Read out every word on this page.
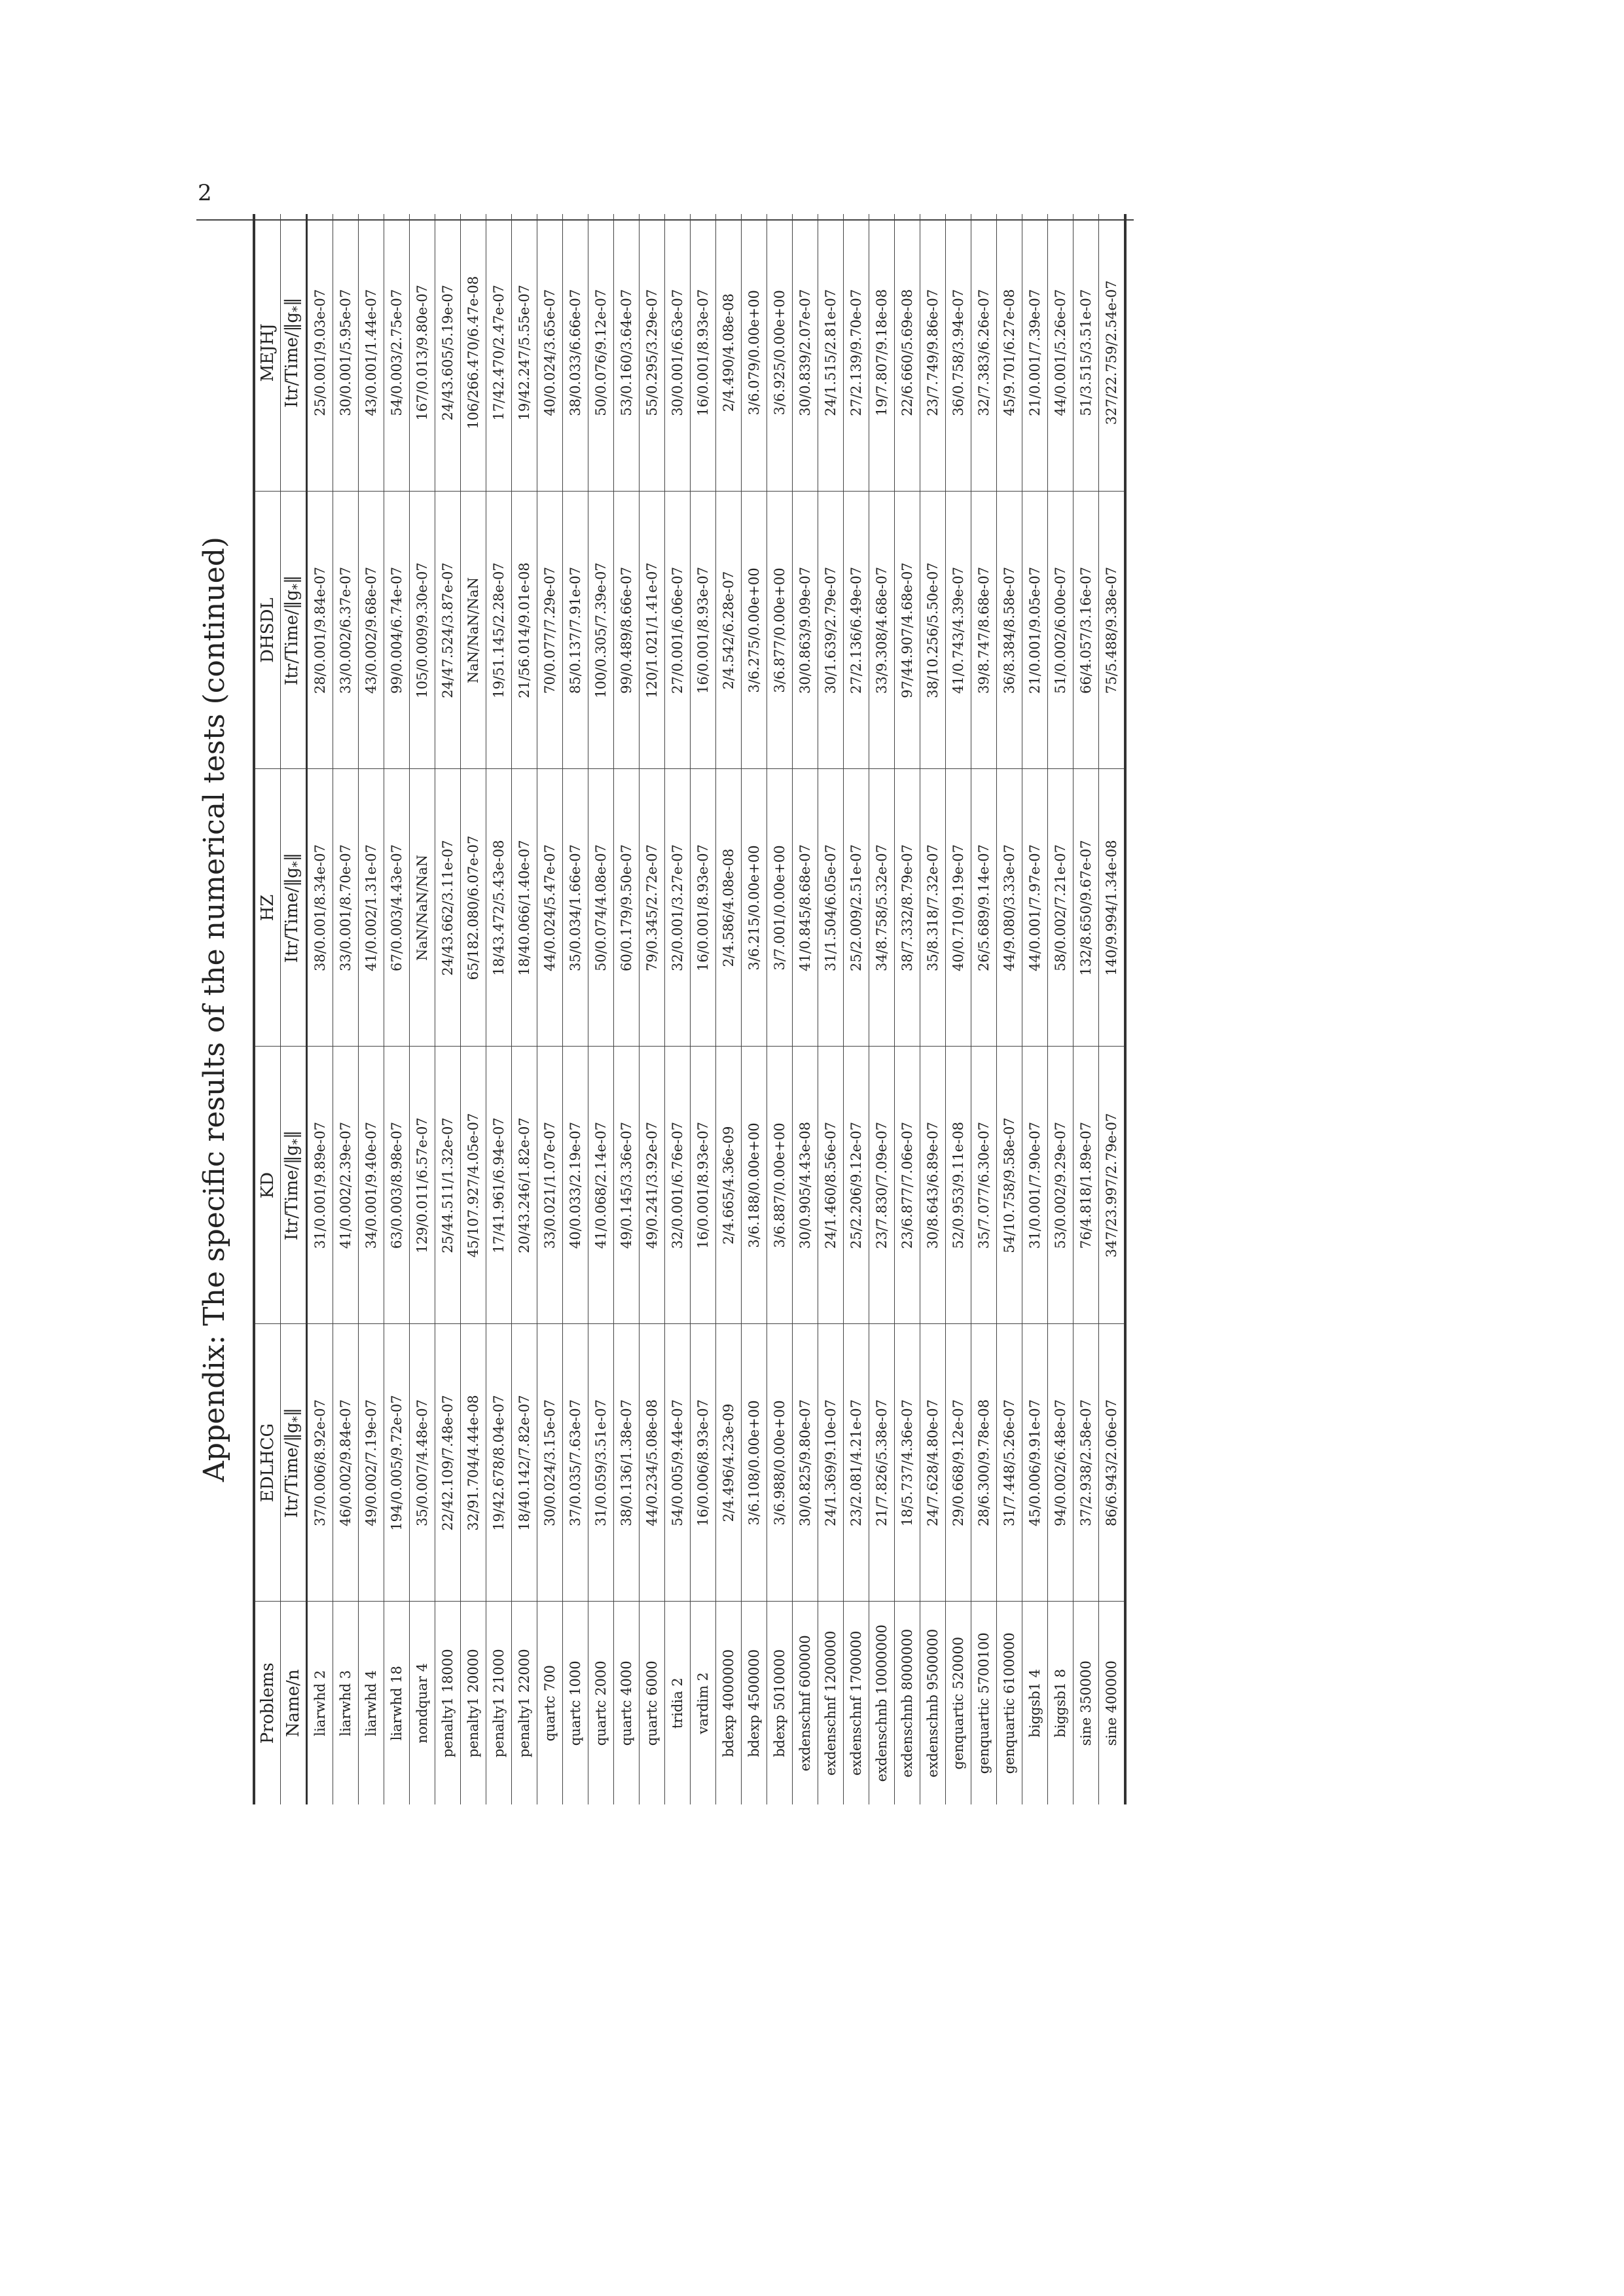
2
Appendix: The specific results of the numerical tests (continued)
Problems	EDLHCG	KD	HZ	DHSDL	MEJHJ
Name/n	Itr/$Time/‖g_*‖$	Itr/$Time/‖g_*‖$	Itr/$Time/‖g_*‖$	Itr/$Time/‖g_*‖$	Itr/$Time/‖g_*‖$
liarwhd 2	37/0.006/8.92e-07	31/0.001/9.89e-07	38/0.001/8.34e-07	28/0.001/9.84e-07	25/0.001/9.03e-07
liarwhd 3	46/0.002/9.84e-07	41/0.002/2.39e-07	33/0.001/8.70e-07	33/0.002/6.37e-07	30/0.001/5.95e-07
liarwhd 4	49/0.002/7.19e-07	34/0.001/9.40e-07	41/0.002/1.31e-07	43/0.002/9.68e-07	43/0.001/1.44e-07
liarwhd 18	194/0.005/9.72e-07	63/0.003/8.98e-07	67/0.003/4.43e-07	99/0.004/6.74e-07	54/0.003/2.75e-07
nondquar 4	35/0.007/4.48e-07	129/0.011/6.57e-07	NaN/NaN/NaN	105/0.009/9.30e-07	167/0.013/9.80e-07
penalty1 18000	22/42.109/7.48e-07	25/44.511/1.32e-07	24/43.662/3.11e-07	24/47.524/3.87e-07	24/43.605/5.19e-07
penalty1 20000	32/91.704/4.44e-08	45/107.927/4.05e-07	65/182.080/6.07e-07	NaN/NaN/NaN	106/266.470/6.47e-08
penalty1 21000	19/42.678/8.04e-07	17/41.961/6.94e-07	18/43.472/5.43e-08	19/51.145/2.28e-07	17/42.470/2.47e-07
penalty1 22000	18/40.142/7.82e-07	20/43.246/1.82e-07	18/40.066/1.40e-07	21/56.014/9.01e-08	19/42.247/5.55e-07
quartc 700	30/0.024/3.15e-07	33/0.021/1.07e-07	44/0.024/5.47e-07	70/0.077/7.29e-07	40/0.024/3.65e-07
quartc 1000	37/0.035/7.63e-07	40/0.033/2.19e-07	35/0.034/1.66e-07	85/0.137/7.91e-07	38/0.033/6.66e-07
quartc 2000	31/0.059/3.51e-07	41/0.068/2.14e-07	50/0.074/4.08e-07	100/0.305/7.39e-07	50/0.076/9.12e-07
quartc 4000	38/0.136/1.38e-07	49/0.145/3.36e-07	60/0.179/9.50e-07	99/0.489/8.66e-07	53/0.160/3.64e-07
quartc 6000	44/0.234/5.08e-08	49/0.241/3.92e-07	79/0.345/2.72e-07	120/1.021/1.41e-07	55/0.295/3.29e-07
tridia 2	54/0.005/9.44e-07	32/0.001/6.76e-07	32/0.001/3.27e-07	27/0.001/6.06e-07	30/0.001/6.63e-07
vardim 2	16/0.006/8.93e-07	16/0.001/8.93e-07	16/0.001/8.93e-07	16/0.001/8.93e-07	16/0.001/8.93e-07
bdexp 4000000	2/4.496/4.23e-09	2/4.665/4.36e-09	2/4.586/4.08e-08	2/4.542/6.28e-07	2/4.490/4.08e-08
bdexp 4500000	3/6.108/0.00e+00	3/6.188/0.00e+00	3/6.215/0.00e+00	3/6.275/0.00e+00	3/6.079/0.00e+00
bdexp 5010000	3/6.988/0.00e+00	3/6.887/0.00e+00	3/7.001/0.00e+00	3/6.877/0.00e+00	3/6.925/0.00e+00
exdenschnf 600000	30/0.825/9.80e-07	30/0.905/4.43e-08	41/0.845/8.68e-07	30/0.863/9.09e-07	30/0.839/2.07e-07
exdenschnf 1200000	24/1.369/9.10e-07	24/1.460/8.56e-07	31/1.504/6.05e-07	30/1.639/2.79e-07	24/1.515/2.81e-07
exdenschnf 1700000	23/2.081/4.21e-07	25/2.206/9.12e-07	25/2.009/2.51e-07	27/2.136/6.49e-07	27/2.139/9.70e-07
exdenschnb 10000000	21/7.826/5.38e-07	23/7.830/7.09e-07	34/8.758/5.32e-07	33/9.308/4.68e-07	19/7.807/9.18e-08
exdenschnb 8000000	18/5.737/4.36e-07	23/6.877/7.06e-07	38/7.332/8.79e-07	97/44.907/4.68e-07	22/6.660/5.69e-08
exdenschnb 9500000	24/7.628/4.80e-07	30/8.643/6.89e-07	35/8.318/7.32e-07	38/10.256/5.50e-07	23/7.749/9.86e-07
genquartic 520000	29/0.668/9.12e-07	52/0.953/9.11e-08	40/0.710/9.19e-07	41/0.743/4.39e-07	36/0.758/3.94e-07
genquartic 5700100	28/6.300/9.78e-08	35/7.077/6.30e-07	26/5.689/9.14e-07	39/8.747/8.68e-07	32/7.383/6.26e-07
genquartic 6100000	31/7.448/5.26e-07	54/10.758/9.58e-07	44/9.080/3.33e-07	36/8.384/8.58e-07	45/9.701/6.27e-08
biggsb1 4	45/0.006/9.91e-07	31/0.001/7.90e-07	44/0.001/7.97e-07	21/0.001/9.05e-07	21/0.001/7.39e-07
biggsb1 8	94/0.002/6.48e-07	53/0.002/9.29e-07	58/0.002/7.21e-07	51/0.002/6.00e-07	44/0.001/5.26e-07
sine 350000	37/2.938/2.58e-07	76/4.818/1.89e-07	132/8.650/9.67e-07	66/4.057/3.16e-07	51/3.515/3.51e-07
sine 400000	86/6.943/2.06e-07	347/23.997/2.79e-07	140/9.994/1.34e-08	75/5.488/9.38e-07	327/22.759/2.54e-07
